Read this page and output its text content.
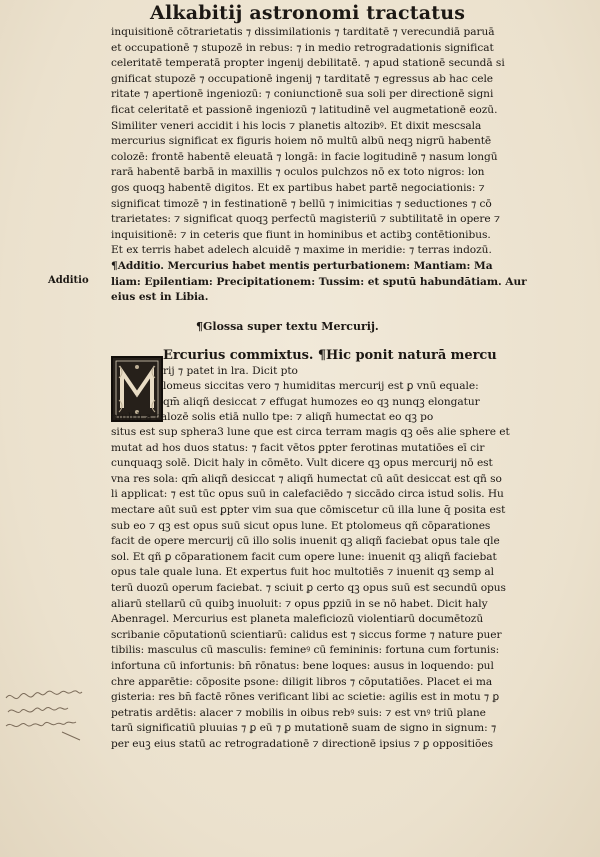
Alkabitij astronomi tractatus
inquisitionē cōtrarietatis ⁊ dissimilationis ⁊ tarditatē ⁊ verecundiā paruā
et occupationē ⁊ stupozē in rebus: ⁊ in medio retrogradationis significat
celeritatē temperatā propter ingenij debilitatē. ⁊ apud stationē secundā si
gnificat stupozē ⁊ occupationē ingenij ⁊ tarditatē ⁊ egressus ab hac cele
ritate ⁊ apertionē ingeniozū: ⁊ coniunctionē sua soli per directionē signi
ficat celeritatē et passionē ingeniozū ⁊ latitudinē vel augmetationē eozū.
Similiter veneri accidit i his locis ⁊ planetis altozibꝰ. Et dixit mescsala
mercurius significat ex figuris hoiem nō multū albū neqꝫ nigrū habentē
colozē: frontē habentē eleuatā ⁊ longā: in facie logitudinē ⁊ nasum longū
rarā habentē barbā in maxillis ⁊ oculos pulchzos nō ex toto nigros: lon
gos quoqꝫ habentē digitos. Et ex partibus habet partē negociationis: ⁊
significat timozē ⁊ in festinationē ⁊ bellū ⁊ inimicitias ⁊ seductiones ⁊ cō
trarietates: ⁊ significat quoqꝫ perfectū magisteriū ⁊ subtilitatē in opere ⁊
inquisitionē: ⁊ in ceteris que fiunt in hominibus et actibꝫ contētionibus.
Et ex terris habet adelech alcuidē ⁊ maxime in meridie: ⁊ terras indozū.
¶Additio. Mercurius habet mentis perturbationem: Mantiam: Ma
liam: Epilentiam: Precipitationem: Tussim: et sputū habundātiam. Aur
eius est in Libia.
Additio
¶Glossa super textu Mercurij.
M
Ercurius commixtus. ¶Hic ponit naturā mercu
rij ⁊ patet in lra. Dicit pto
lomeus siccitas vero ⁊ humiditas mercurij est ꝑ vnū equale:
qm̄ aliqñ desiccat ⁊ effugat humozes eo qꝫ nunqꝫ elongatur
multū a calozē solis etiā nullo tpe: ⁊ aliqñ humectat eo qꝫ po
situs est sup sphera3 lune que est circa terram magis qꝫ oēs alie sphere et
mutat ad hos duos status: ⁊ facit vētos ꝑpter ferotinas mutatiōes eī cir
cunquaqꝫ solē. Dicit haly in cōmēto. Vult dicere qꝫ opus mercurij nō est
vna res sola: qm̄ aliqñ desiccat ⁊ aliqñ humectat cū aūt desiccat est qñ so
li applicat: ⁊ est tūc opus suū in calefaciēdo ⁊ siccādo circa istud solis. Hu
mectare aūt suū est ꝑpter vim sua que cōmiscetur cū illa lune q̄ posita est
sub eo ⁊ qꝫ est opus suū sicut opus lune. Et ptolomeus qñ cōparationes
facit de opere mercurij cū illo solis inuenit qꝫ aliqñ faciebat opus tale qle
sol. Et qñ ꝑ cōparationem facit cum opere lune: inuenit qꝫ aliqñ faciebat
opus tale quale luna. Et expertus fuit hoc multotiēs ⁊ inuenit qꝫ semp al
terū duozū operum faciebat. ⁊ sciuit ꝑ certo qꝫ opus suū est secundū opus
aliarū stellarū cū quibꝫ inuoluit: ⁊ opus ꝑpziū in se nō habet. Dicit haly
Abenragel. Mercurius est planeta maleficiozū violentiarū documētozū
scribanie cōputationū scientiarū: calidus est ⁊ siccus forme ⁊ nature puer
tibilis: masculus cū masculis: femineꝰ cū femininis: fortuna cum fortunis:
infortuna cū infortunis: bn̄ rōnatus: bene loques: ausus in loquendo: pul
chre apparētie: cōposite psone: diligit libros ⁊ cōputatiōes. Placet ei ma
gisteria: res bn̄ factē rōnes verificant libi ac scietie: agilis est in motu ⁊ ꝑ
petratis ardētis: alacer ⁊ mobilis in oibus rebꝰ suis: ⁊ est vnꝰ triū plane
tarū significatiū pluuias ⁊ ꝑ eū ⁊ ꝑ mutationē suam de signo in signum: ⁊
per euꝫ eius statū ac retrogradationē ⁊ directionē ipsius ⁊ ꝑ oppositiões
